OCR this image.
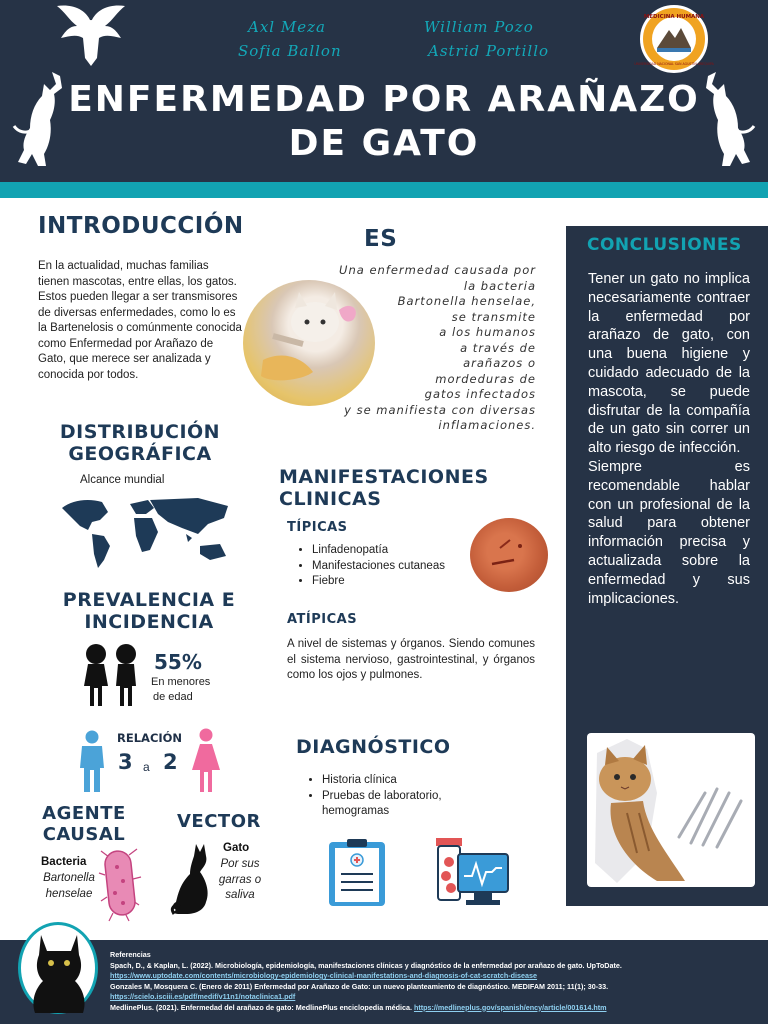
Axl Meza	William Pozo
Sofia Ballon	Astrid Portillo
MEDICINA HUMANA
UNIVERSIDAD NACIONAL SAN AGUSTÍN AREQUIPA
ENFERMEDAD POR ARAÑAZO
DE GATO
INTRODUCCIÓN
En la actualidad, muchas familias tienen mascotas, entre ellas, los gatos. Estos pueden llegar a ser transmisores de diversas enfermedades, como lo es la Bartenelosis o comúnmente conocida como Enfermedad por Arañazo de Gato, que merece ser analizada y conocida por todos.
ES
Una enfermedad causada por
la bacteria
Bartonella henselae,
se transmite
a los humanos
a través de
arañazos o
mordeduras de
gatos infectados
y se manifiesta con diversas
inflamaciones.
DISTRIBUCIÓN
GEOGRÁFICA
Alcance mundial
PREVALENCIA E
INCIDENCIA
55%
En menores
de edad
RELACIÓN
3 a 2
AGENTE
CAUSAL
Bacteria
Bartonella
henselae
VECTOR
Gato
Por sus
garras o
saliva
MANIFESTACIONES
CLINICAS
TÍPICAS
• Linfadenopatía
• Manifestaciones cutaneas
• Fiebre
ATÍPICAS
A nivel de sistemas y órganos. Siendo comunes el sistema nervioso, gastrointestinal, y órganos como los ojos y pulmones.
DIAGNÓSTICO
• Historia clínica
• Pruebas de laboratorio, hemogramas
CONCLUSIONES
Tener un gato no implica necesariamente contraer la enfermedad por arañazo de gato, con una buena higiene y cuidado adecuado de la mascota, se puede disfrutar de la compañía de un gato sin correr un alto riesgo de infección.
Siempre es recomendable hablar con un profesional de la salud para obtener información precisa y actualizada sobre la enfermedad y sus implicaciones.
Referencias
Spach, D., & Kaplan, L. (2022). Microbiología, epidemiología, manifestaciones clínicas y diagnóstico de la enfermedad por arañazo de gato. UpToDate.
https://www.uptodate.com/contents/microbiology-epidemiology-clinical-manifestations-and-diagnosis-of-cat-scratch-disease
Gonzales M, Mosquera C. (Enero de 2011) Enfermedad por Arañazo de Gato: un nuevo planteamiento de diagnóstico. MEDIFAM 2011; 11(1); 30-33.
https://scielo.isciii.es/pdf/medif/v11n1/notaclinica1.pdf
MedlinePlus. (2021). Enfermedad del arañazo de gato: MedlinePlus enciclopedia médica. https://medlineplus.gov/spanish/ency/article/001614.htm
